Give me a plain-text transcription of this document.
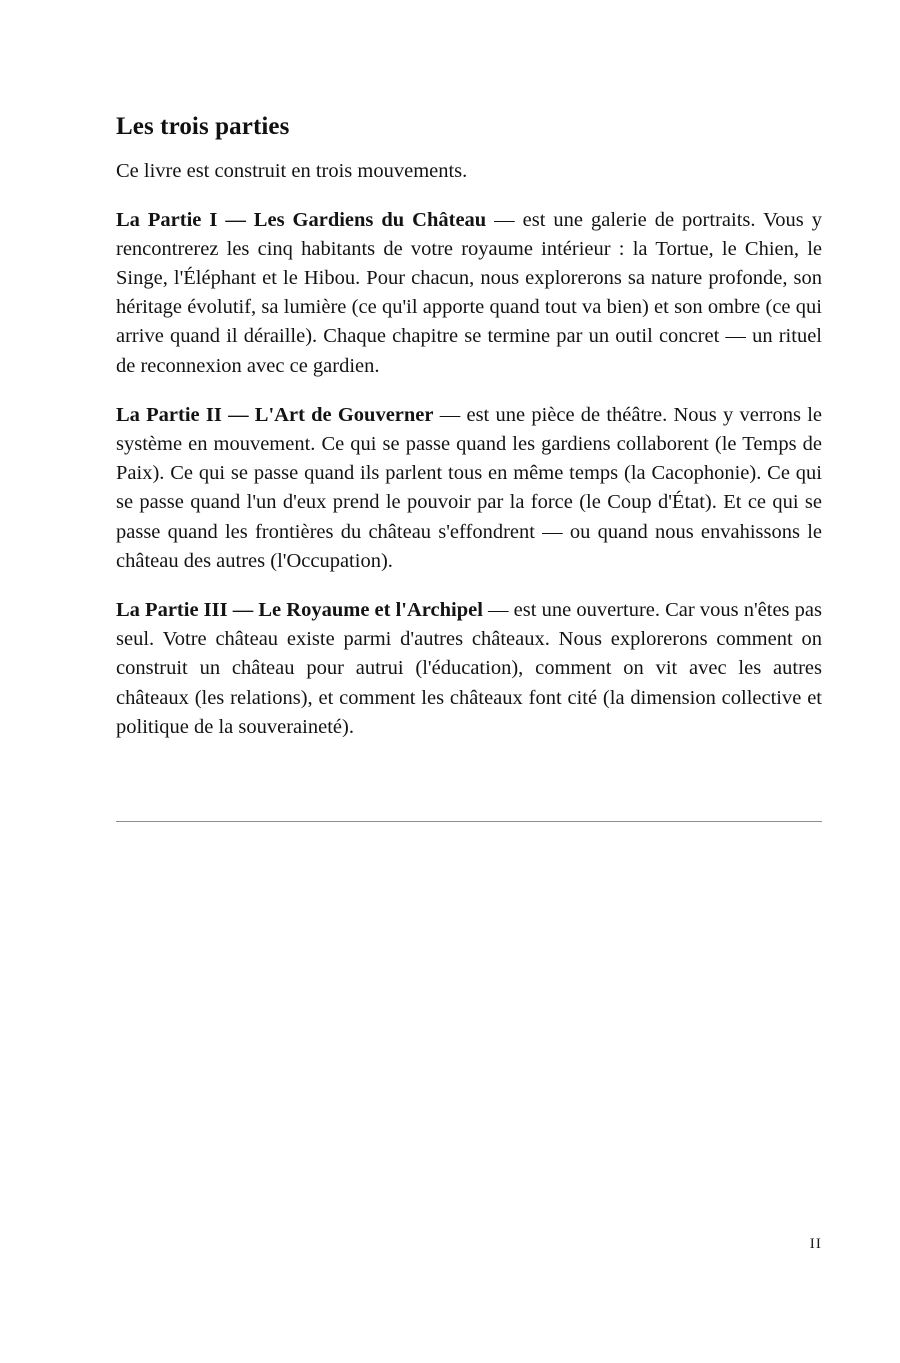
Les trois parties

Ce livre est construit en trois mouvements.

La Partie I — Les Gardiens du Château — est une galerie de portraits. Vous y rencontrerez les cinq habitants de votre royaume intérieur : la Tortue, le Chien, le Singe, l'Éléphant et le Hibou. Pour chacun, nous explorerons sa nature profonde, son héritage évolutif, sa lumière (ce qu'il apporte quand tout va bien) et son ombre (ce qui arrive quand il déraille). Chaque chapitre se termine par un outil concret — un rituel de reconnexion avec ce gardien.

La Partie II — L'Art de Gouverner — est une pièce de théâtre. Nous y verrons le système en mouvement. Ce qui se passe quand les gardiens collaborent (le Temps de Paix). Ce qui se passe quand ils parlent tous en même temps (la Cacophonie). Ce qui se passe quand l'un d'eux prend le pouvoir par la force (le Coup d'État). Et ce qui se passe quand les frontières du château s'effondrent — ou quand nous envahissons le château des autres (l'Occupation).

La Partie III — Le Royaume et l'Archipel — est une ouverture. Car vous n'êtes pas seul. Votre château existe parmi d'autres châteaux. Nous explorerons comment on construit un château pour autrui (l'éducation), comment on vit avec les autres châteaux (les relations), et comment les châteaux font cité (la dimension collective et politique de la souveraineté).

II
